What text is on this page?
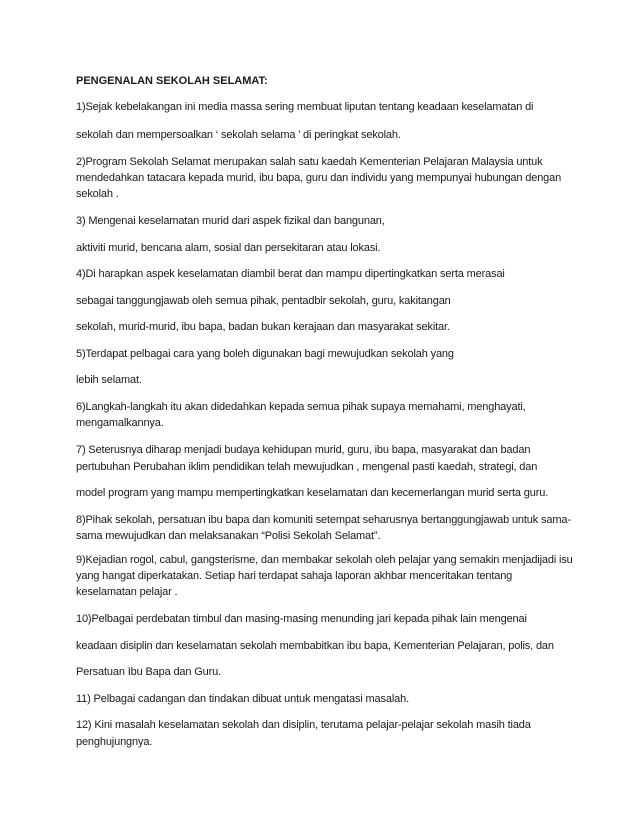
PENGENALAN SEKOLAH SELAMAT:
1)Sejak kebelakangan ini media massa sering membuat liputan tentang keadaan keselamatan di
sekolah dan mempersoalkan ‘ sekolah selama ’ di peringkat sekolah.
2)Program Sekolah Selamat merupakan salah satu kaedah Kementerian Pelajaran Malaysia untuk
mendedahkan tatacara kepada murid, ibu bapa, guru dan individu yang mempunyai hubungan dengan
sekolah .
3) Mengenai keselamatan murid dari aspek fizikal dan bangunan,
aktiviti murid, bencana alam, sosial dan persekitaran atau lokasi.
4)Di harapkan aspek keselamatan diambil berat dan mampu dipertingkatkan serta merasai
sebagai tanggungjawab oleh semua pihak, pentadbir sekolah, guru, kakitangan
sekolah, murid-murid, ibu bapa, badan bukan kerajaan dan masyarakat sekitar.
5)Terdapat pelbagai cara yang boleh digunakan bagi mewujudkan sekolah yang
lebih selamat.
6)Langkah-langkah itu akan didedahkan kepada semua pihak supaya memahami, menghayati,
mengamalkannya.
7) Seterusnya diharap menjadi budaya kehidupan murid, guru, ibu bapa, masyarakat dan badan
pertubuhan Perubahan iklim pendidikan telah mewujudkan , mengenal pasti kaedah, strategi, dan
model program yang mampu mempertingkatkan keselamatan dan kecemerlangan murid serta guru.
8)Pihak sekolah, persatuan ibu bapa dan komuniti setempat seharusnya bertanggungjawab untuk sama-
sama mewujudkan dan melaksanakan “Polisi Sekolah Selamat”.
9)Kejadian rogol, cabul, gangsterisme, dan membakar sekolah oleh pelajar yang semakin menjadijadi isu
yang hangat diperkatakan. Setiap hari terdapat sahaja laporan akhbar menceritakan tentang
keselamatan pelajar .
10)Pelbagai perdebatan timbul dan masing-masing menunding jari kepada pihak lain mengenai
keadaan disiplin dan keselamatan sekolah membabitkan ibu bapa, Kementerian Pelajaran, polis, dan
Persatuan Ibu Bapa dan Guru.
11) Pelbagai cadangan dan tindakan dibuat untuk mengatasi masalah.
12) Kini masalah keselamatan sekolah dan disiplin, terutama pelajar-pelajar sekolah masih tiada
penghujungnya.
